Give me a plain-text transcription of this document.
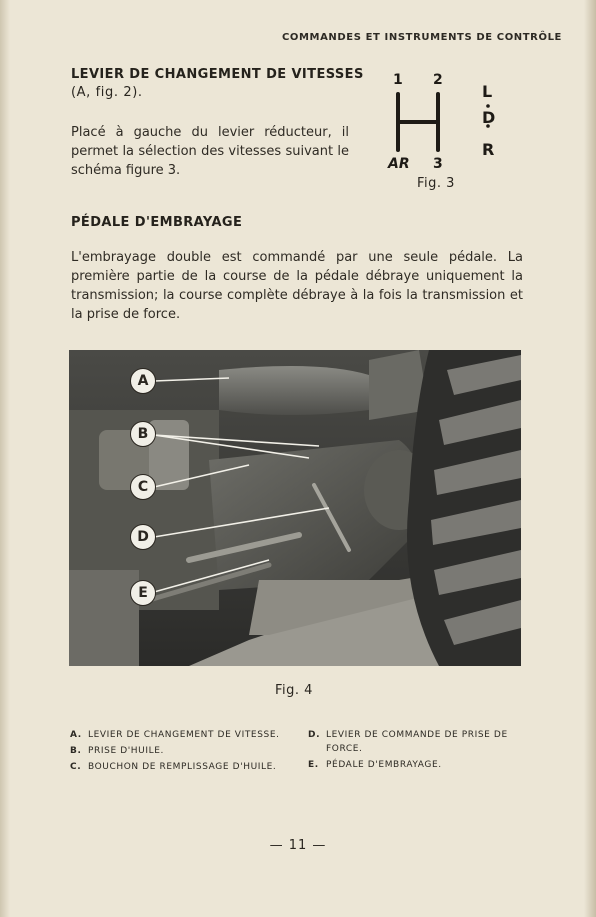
COMMANDES ET INSTRUMENTS DE CONTRÔLE
LEVIER DE CHANGEMENT DE VITESSES
(A, fig. 2).

Placé à gauche du levier réducteur, il permet la sélection des vitesses suivant le schéma figure 3.

1 2
AR 3
L
D
R
Fig. 3
PÉDALE D'EMBRAYAGE

L'embrayage double est commandé par une seule pédale. La première partie de la course de la pédale débraye uniquement la transmission; la course complète débraye à la fois la transmission et la prise de force.

A
B
C
D
E
Fig. 4
A. LEVIER DE CHANGEMENT DE VITESSE.
B. PRISE D'HUILE.
C. BOUCHON DE REMPLISSAGE D'HUILE.
D. LEVIER DE COMMANDE DE PRISE DE FORCE.
E. PÉDALE D'EMBRAYAGE.
— 11 —
